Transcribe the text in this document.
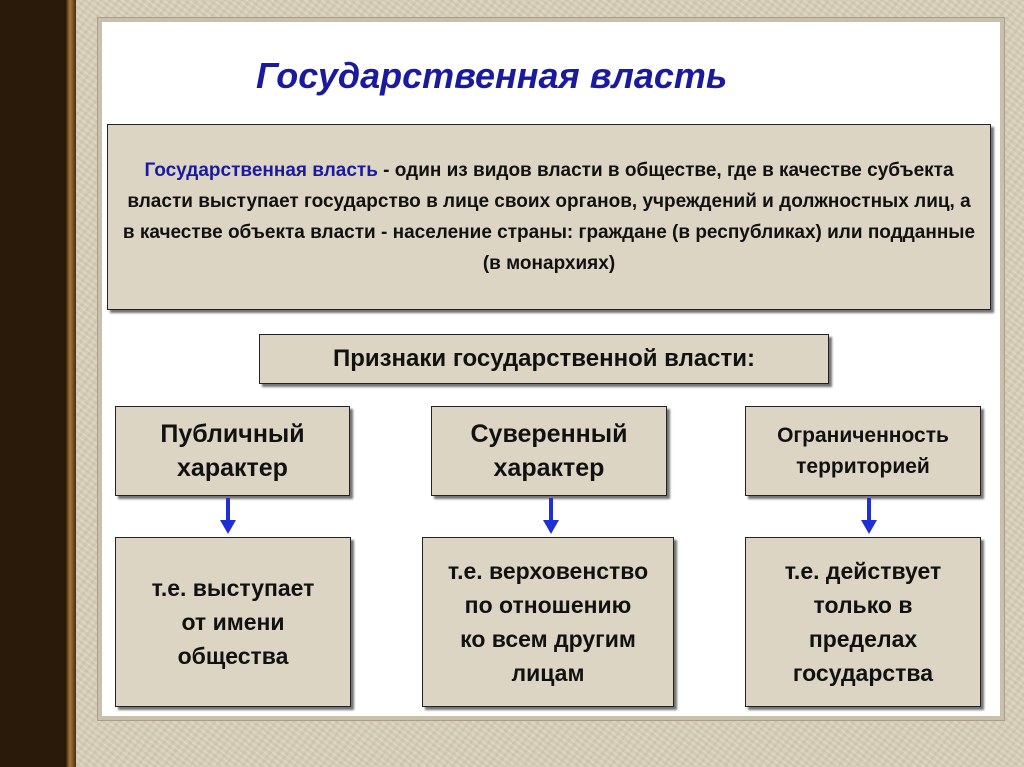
Государственная власть
Государственная власть - один из видов власти в обществе, где в качестве субъекта власти выступает государство в лице своих органов, учреждений и должностных лиц, а в качестве объекта власти - население страны: граждане (в республиках) или подданные (в монархиях)
Признаки государственной власти:
Публичный
характер
Суверенный
характер
Ограниченность
территорией
т.е. выступает
от имени
общества
т.е. верховенство
по отношению
ко всем другим
лицам
т.е. действует
только в
пределах
государства
